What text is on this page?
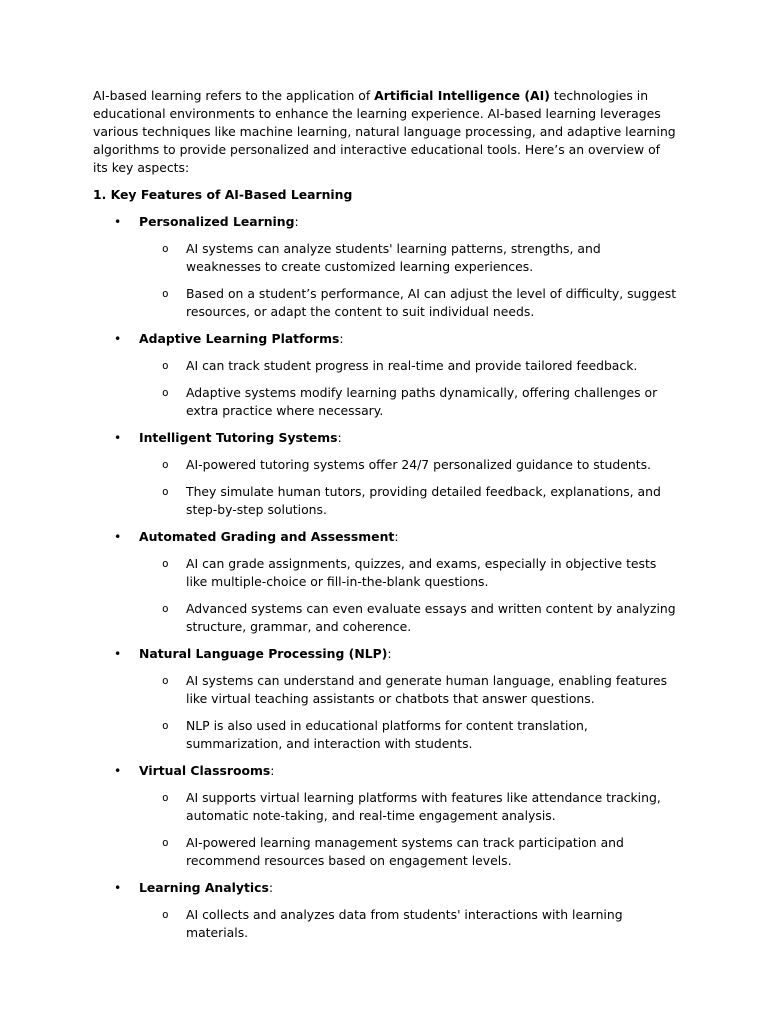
AI-based learning refers to the application of Artificial Intelligence (AI) technologies in educational environments to enhance the learning experience. AI-based learning leverages various techniques like machine learning, natural language processing, and adaptive learning algorithms to provide personalized and interactive educational tools. Here’s an overview of its key aspects:

1. Key Features of AI-Based Learning

• Personalized Learning:
o AI systems can analyze students' learning patterns, strengths, and weaknesses to create customized learning experiences.
o Based on a student’s performance, AI can adjust the level of difficulty, suggest resources, or adapt the content to suit individual needs.
• Adaptive Learning Platforms:
o AI can track student progress in real-time and provide tailored feedback.
o Adaptive systems modify learning paths dynamically, offering challenges or extra practice where necessary.
• Intelligent Tutoring Systems:
o AI-powered tutoring systems offer 24/7 personalized guidance to students.
o They simulate human tutors, providing detailed feedback, explanations, and step-by-step solutions.
• Automated Grading and Assessment:
o AI can grade assignments, quizzes, and exams, especially in objective tests like multiple-choice or fill-in-the-blank questions.
o Advanced systems can even evaluate essays and written content by analyzing structure, grammar, and coherence.
• Natural Language Processing (NLP):
o AI systems can understand and generate human language, enabling features like virtual teaching assistants or chatbots that answer questions.
o NLP is also used in educational platforms for content translation, summarization, and interaction with students.
• Virtual Classrooms:
o AI supports virtual learning platforms with features like attendance tracking, automatic note-taking, and real-time engagement analysis.
o AI-powered learning management systems can track participation and recommend resources based on engagement levels.
• Learning Analytics:
o AI collects and analyzes data from students' interactions with learning materials.
